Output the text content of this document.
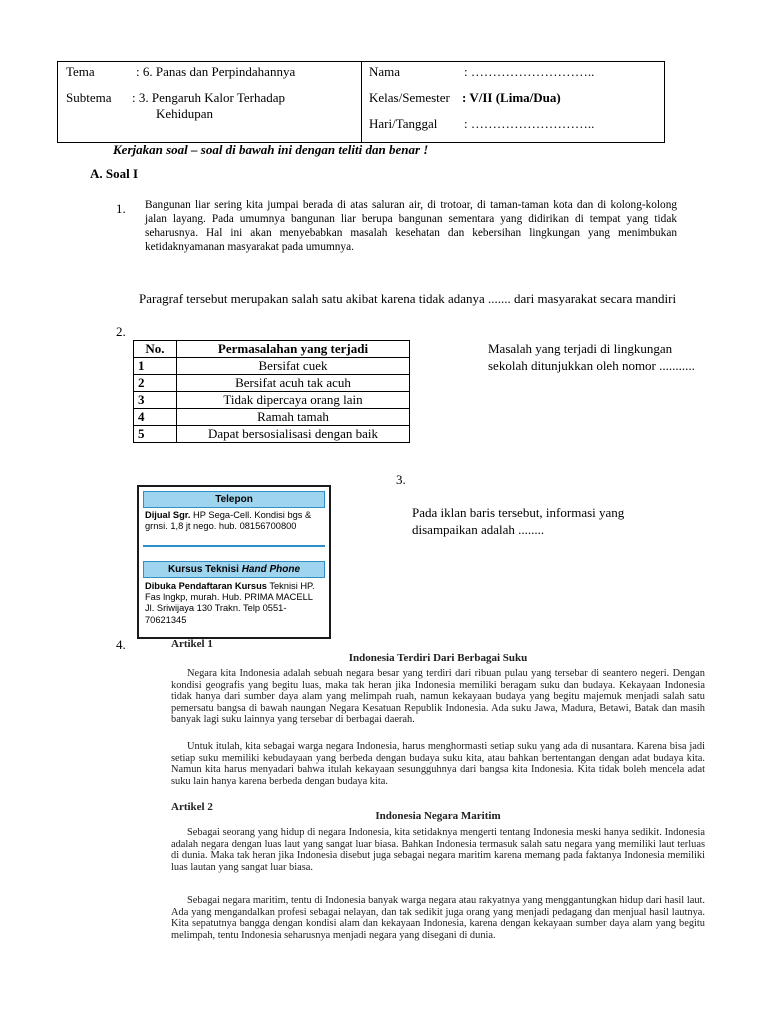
Tema	: 6. Panas dan Perpindahannya
Subtema : 3. Pengaruh Kalor Terhadap
Kehidupan
Nama	: ………………………..
Kelas/Semester : V/II (Lima/Dua)
Hari/Tanggal : ………………………..
Kerjakan soal – soal di bawah ini dengan teliti dan benar !
A. Soal I
1. Bangunan liar sering kita jumpai berada di atas saluran air, di trotoar, di taman-taman kota dan di kolong-kolong jalan layang. Pada umumnya bangunan liar berupa bangunan sementara yang didirikan di tempat yang tidak seharusnya. Hal ini akan menyebabkan masalah kesehatan dan kebersihan lingkungan yang menimbukan ketidaknyamanan masyarakat pada umumnya.
Paragraf tersebut merupakan salah satu akibat karena tidak adanya ....... dari masyarakat secara mandiri
2.
No.	Permasalahan yang terjadi
1	Bersifat cuek
2	Bersifat acuh tak acuh
3	Tidak dipercaya orang lain
4	Ramah tamah
5	Dapat bersosialisasi dengan baik
Masalah yang terjadi di lingkungan sekolah ditunjukkan oleh nomor ...........
3.
Telepon
Dijual Sgr. HP Sega-Cell. Kondisi bgs & grnsi. 1,8 jt nego. hub. 08156700800
Kursus Teknisi Hand Phone
Dibuka Pendaftaran Kursus Teknisi HP. Fas lngkp, murah. Hub. PRIMA MACELL Jl. Sriwijaya 130 Trakn. Telp 0551-70621345
Pada iklan baris tersebut, informasi yang disampaikan adalah ........
4.	Artikel 1
Indonesia Terdiri Dari Berbagai Suku
Negara kita Indonesia adalah sebuah negara besar yang terdiri dari ribuan pulau yang tersebar di seantero negeri. Dengan kondisi geografis yang begitu luas, maka tak heran jika Indonesia memiliki beragam suku dan budaya. Kekayaan Indonesia tidak hanya dari sumber daya alam yang melimpah ruah, namun kekayaan budaya yang begitu majemuk menjadi salah satu pemersatu bangsa di bawah naungan Negara Kesatuan Republik Indonesia. Ada suku Jawa, Madura, Betawi, Batak dan masih banyak lagi suku lainnya yang tersebar di berbagai daerah.
Untuk itulah, kita sebagai warga negara Indonesia, harus menghormasti setiap suku yang ada di nusantara. Karena bisa jadi setiap suku memiliki kebudayaan yang berbeda dengan budaya suku kita, atau bahkan bertentangan dengan adat budaya kita. Namun kita harus menyadari bahwa itulah kekayaan sesungguhnya dari bangsa kita Indonesia. Kita tidak boleh mencela adat suku lain hanya karena berbeda dengan budaya kita.
Artikel 2
Indonesia Negara Maritim
Sebagai seorang yang hidup di negara Indonesia, kita setidaknya mengerti tentang Indonesia meski hanya sedikit. Indonesia adalah negara dengan luas laut yang sangat luar biasa. Bahkan Indonesia termasuk salah satu negara yang memiliki laut terluas di dunia. Maka tak heran jika Indonesia disebut juga sebagai negara maritim karena memang pada faktanya Indonesia memiliki luas lautan yang sangat luar biasa.
Sebagai negara maritim, tentu di Indonesia banyak warga negara atau rakyatnya yang menggantungkan hidup dari hasil laut. Ada yang mengandalkan profesi sebagai nelayan, dan tak sedikit juga orang yang menjadi pedagang dan menjual hasil lautnya. Kita sepatutnya bangga dengan kondisi alam dan kekayaan Indonesia, karena dengan kekayaan sumber daya alam yang begitu melimpah, tentu Indonesia seharusnya menjadi negara yang disegani di dunia.
